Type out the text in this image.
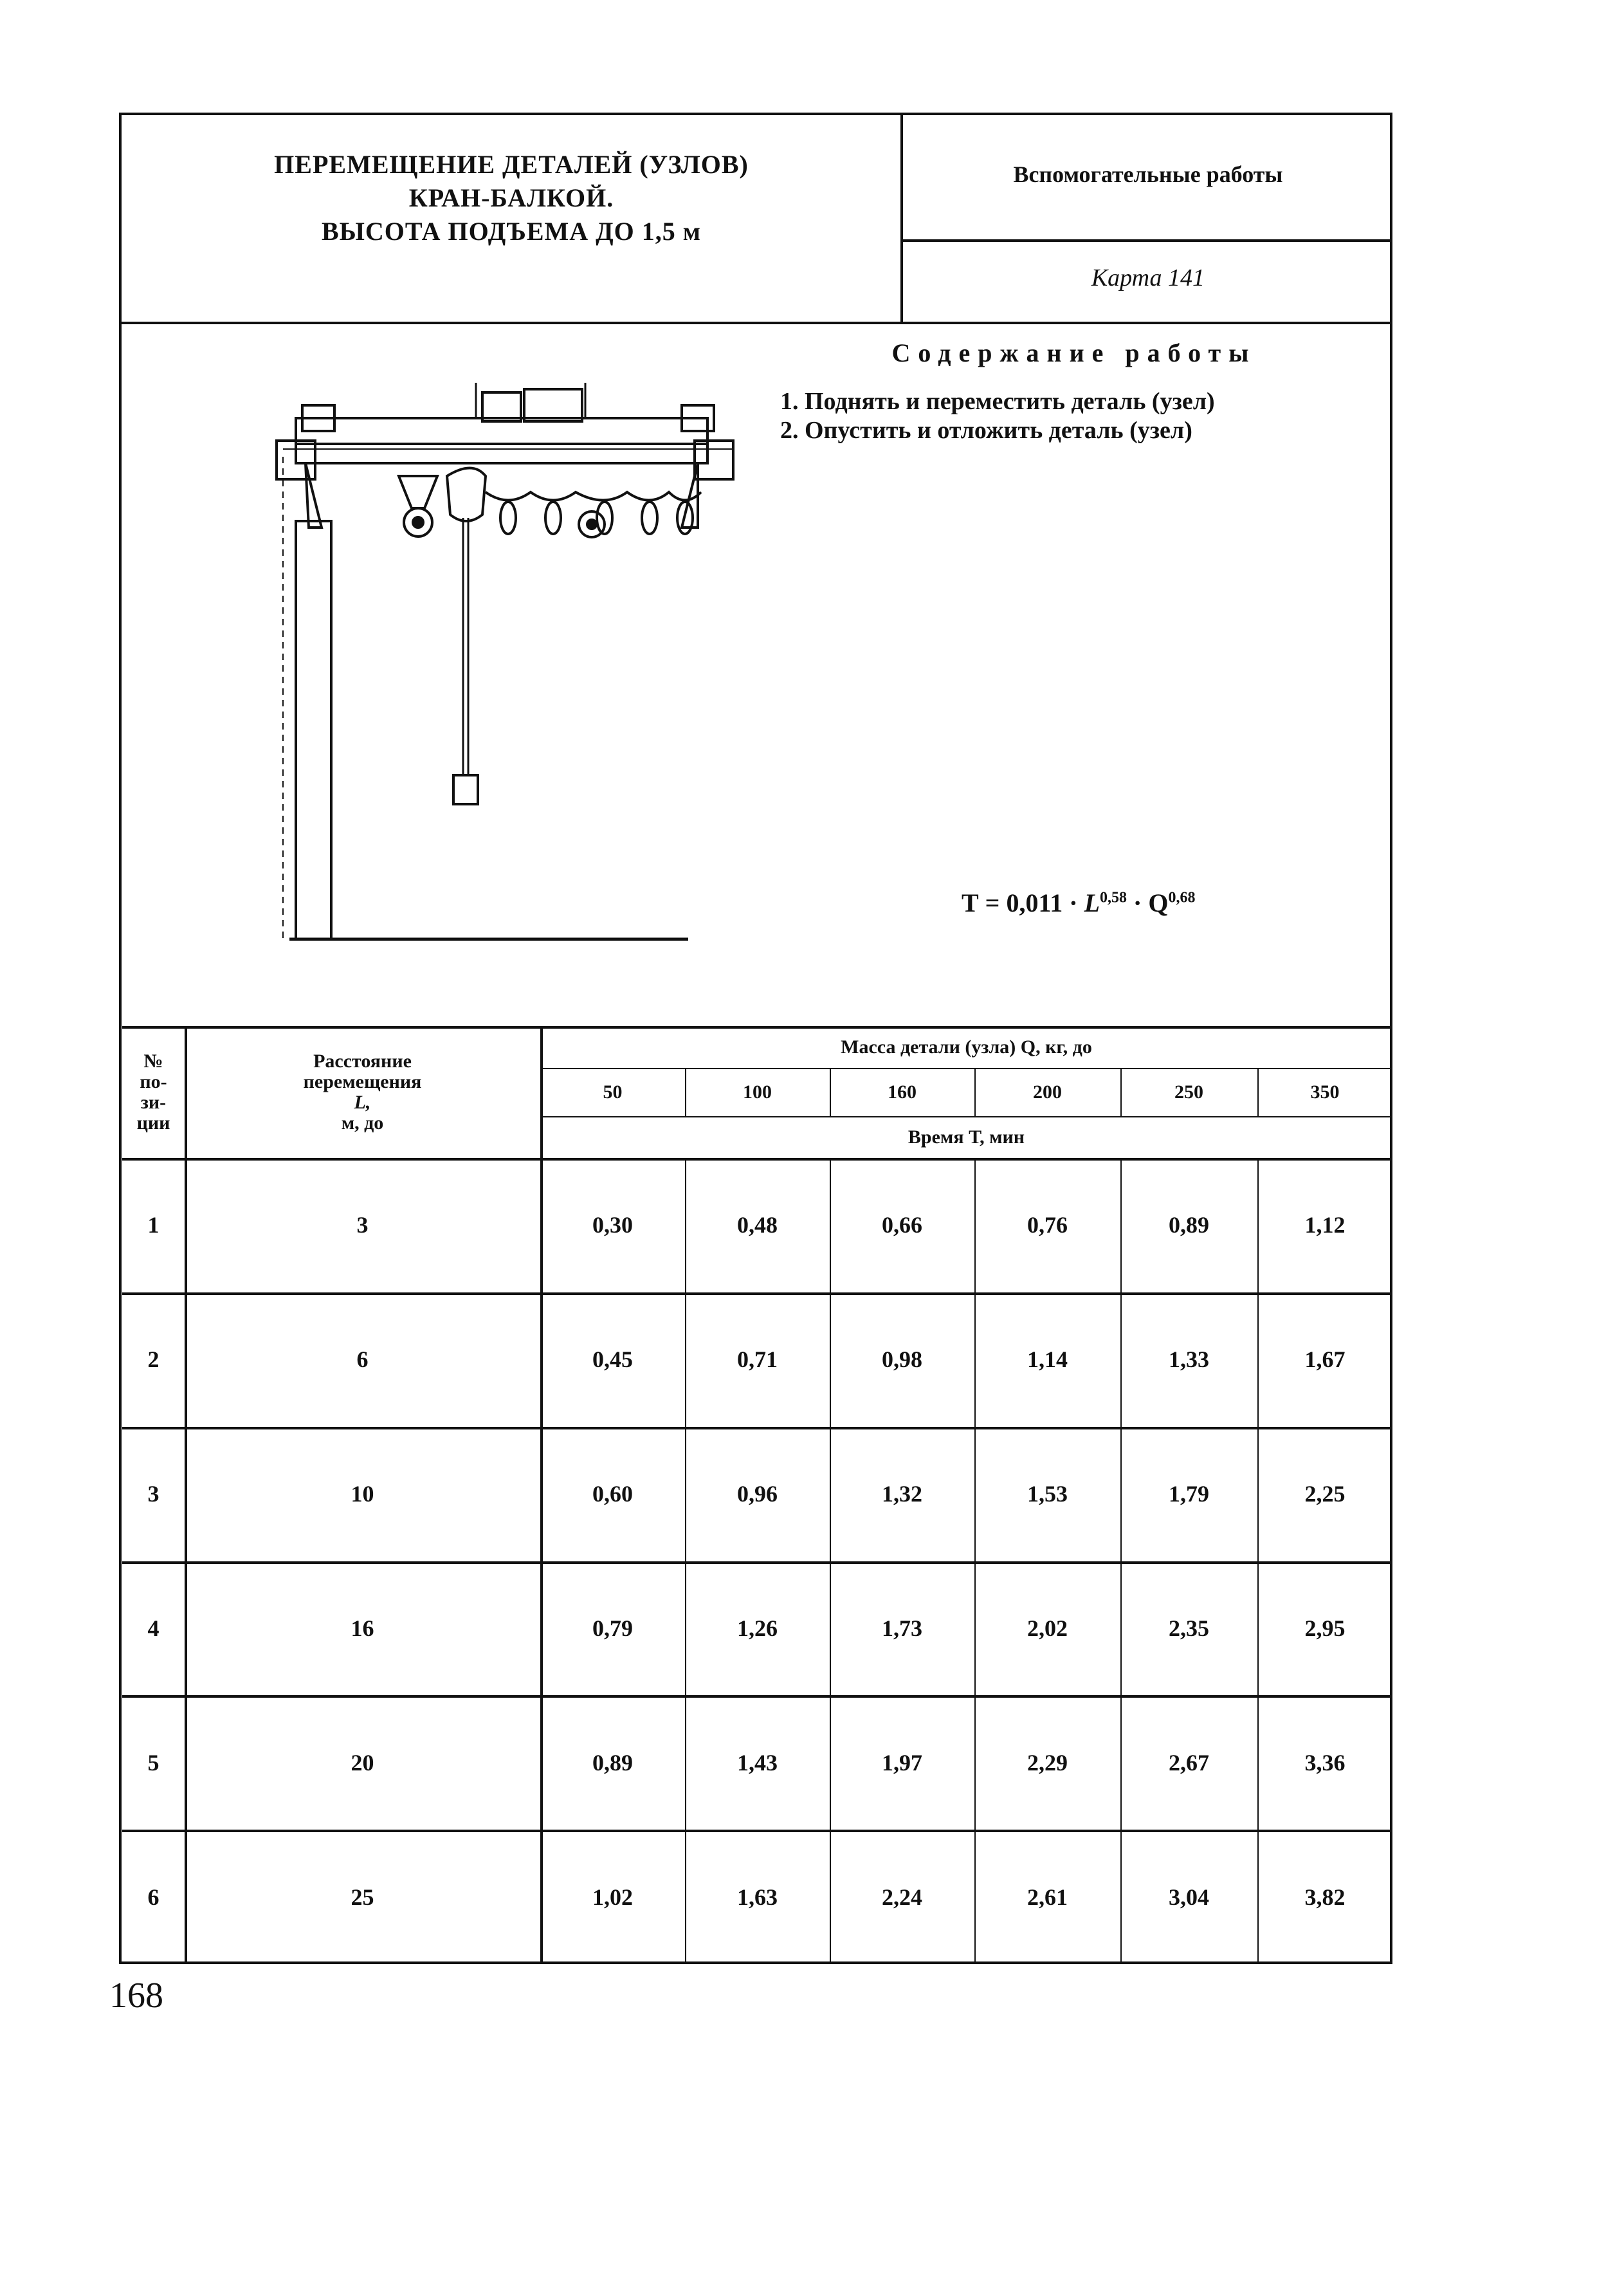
ПЕРЕМЕЩЕНИЕ ДЕТАЛЕЙ (УЗЛОВ)
КРАН-БАЛКОЙ.
ВЫСОТА ПОДЪЕМА ДО 1,5 м
Вспомогательные работы
Карта 141
Содержание работы
1. Поднять и переместить деталь (узел)
2. Опустить и отложить деталь (узел)
Т = 0,011 · L$^{0,58}$ · Q$^{0,68}$
№
по-
зи-
ции
Расстояние
перемещения
L,
м, до
Масса детали (узла) Q, кг, до
50	100	160	200	250	350
Время Т, мин
1	3	0,30	0,48	0,66	0,76	0,89	1,12
2	6	0,45	0,71	0,98	1,14	1,33	1,67
3	10	0,60	0,96	1,32	1,53	1,79	2,25
4	16	0,79	1,26	1,73	2,02	2,35	2,95
5	20	0,89	1,43	1,97	2,29	2,67	3,36
6	25	1,02	1,63	2,24	2,61	3,04	3,82
168
